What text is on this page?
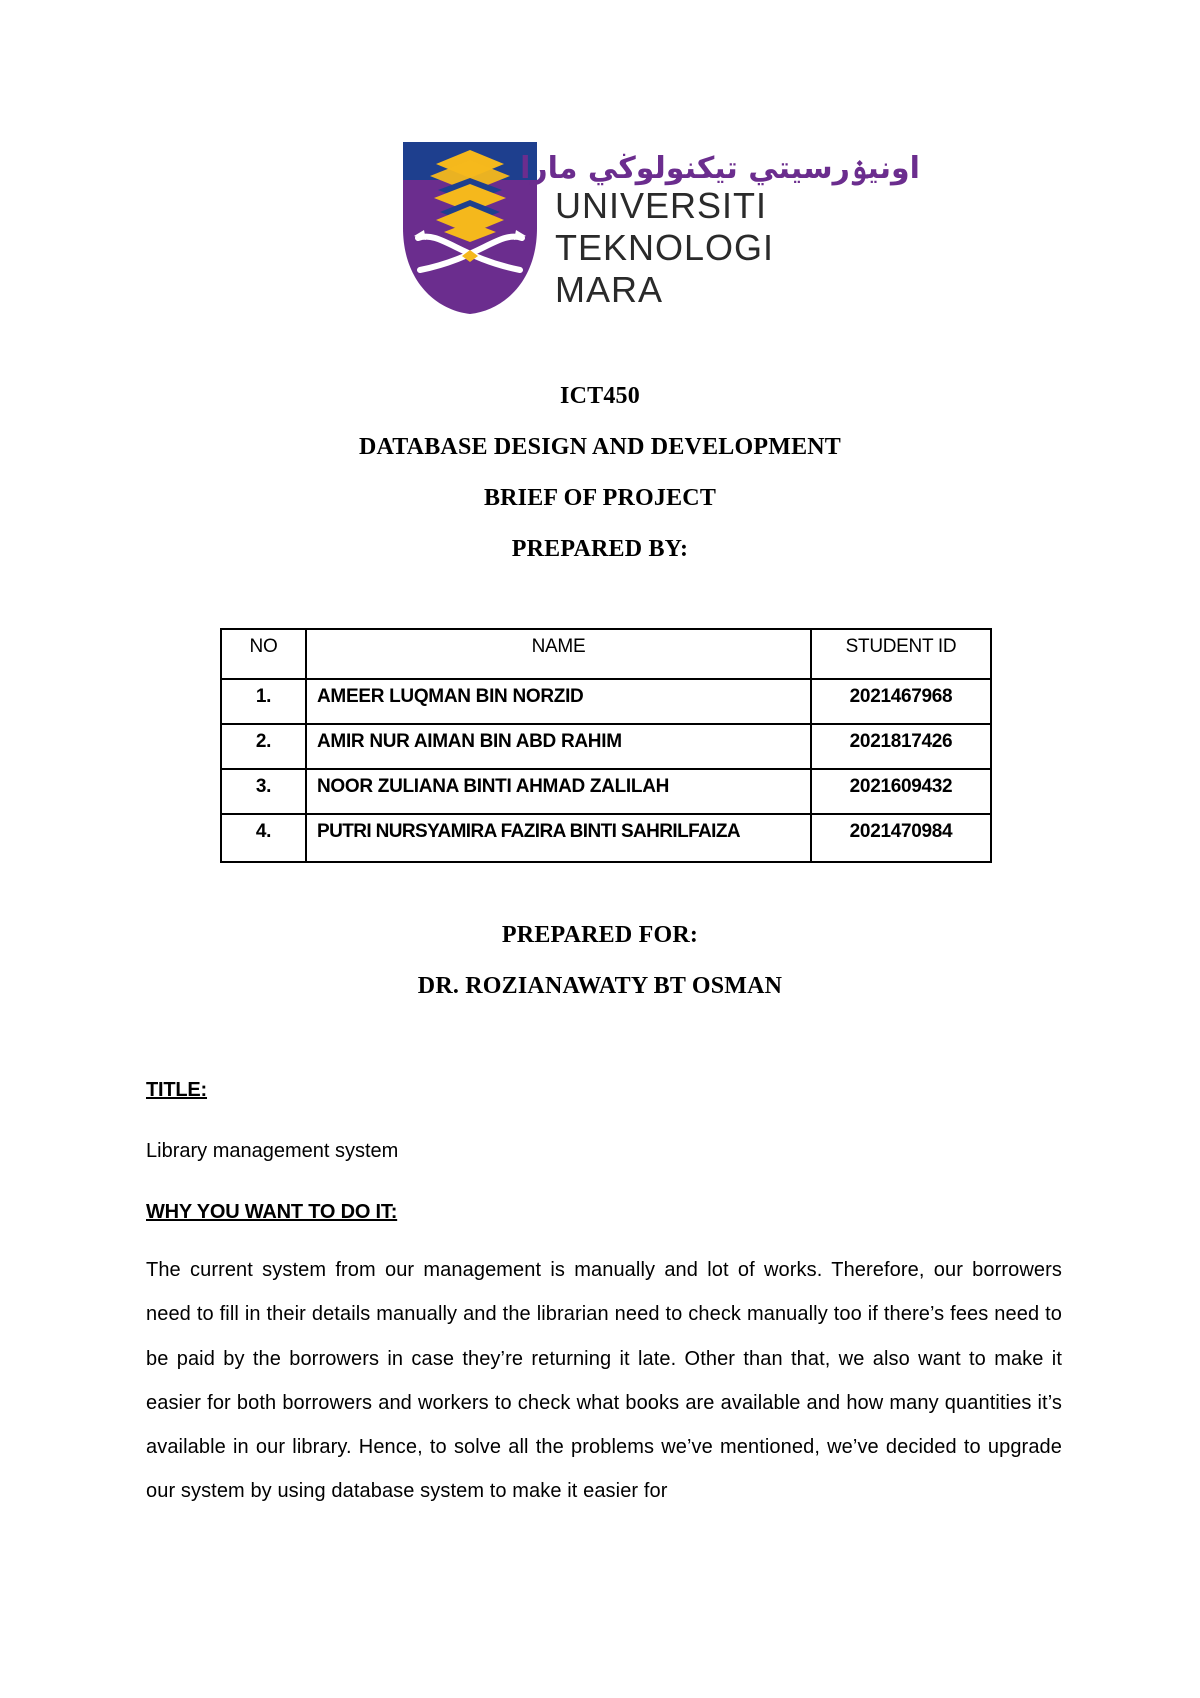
اونيۏرسيتي تيكنولوڬي مارا
UNIVERSITI
TEKNOLOGI
MARA
ICT450
DATABASE DESIGN AND DEVELOPMENT
BRIEF OF PROJECT
PREPARED BY:
NO	NAME	STUDENT ID
1.	AMEER LUQMAN BIN NORZID	2021467968
2.	AMIR NUR AIMAN BIN ABD RAHIM	2021817426
3.	NOOR ZULIANA BINTI AHMAD ZALILAH	2021609432
4.	PUTRI NURSYAMIRA FAZIRA BINTI SAHRILFAIZA	2021470984
PREPARED FOR:
DR. ROZIANAWATY BT OSMAN
TITLE:
Library management system
WHY YOU WANT TO DO IT:
The current system from our management is manually and lot of works. Therefore, our borrowers need to fill in their details manually and the librarian need to check manually too if there’s fees need to be paid by the borrowers in case they’re returning it late. Other than that, we also want to make it easier for both borrowers and workers to check what books are available and how many quantities it’s available in our library. Hence, to solve all the problems we’ve mentioned, we’ve decided to upgrade our system by using database system to make it easier for
